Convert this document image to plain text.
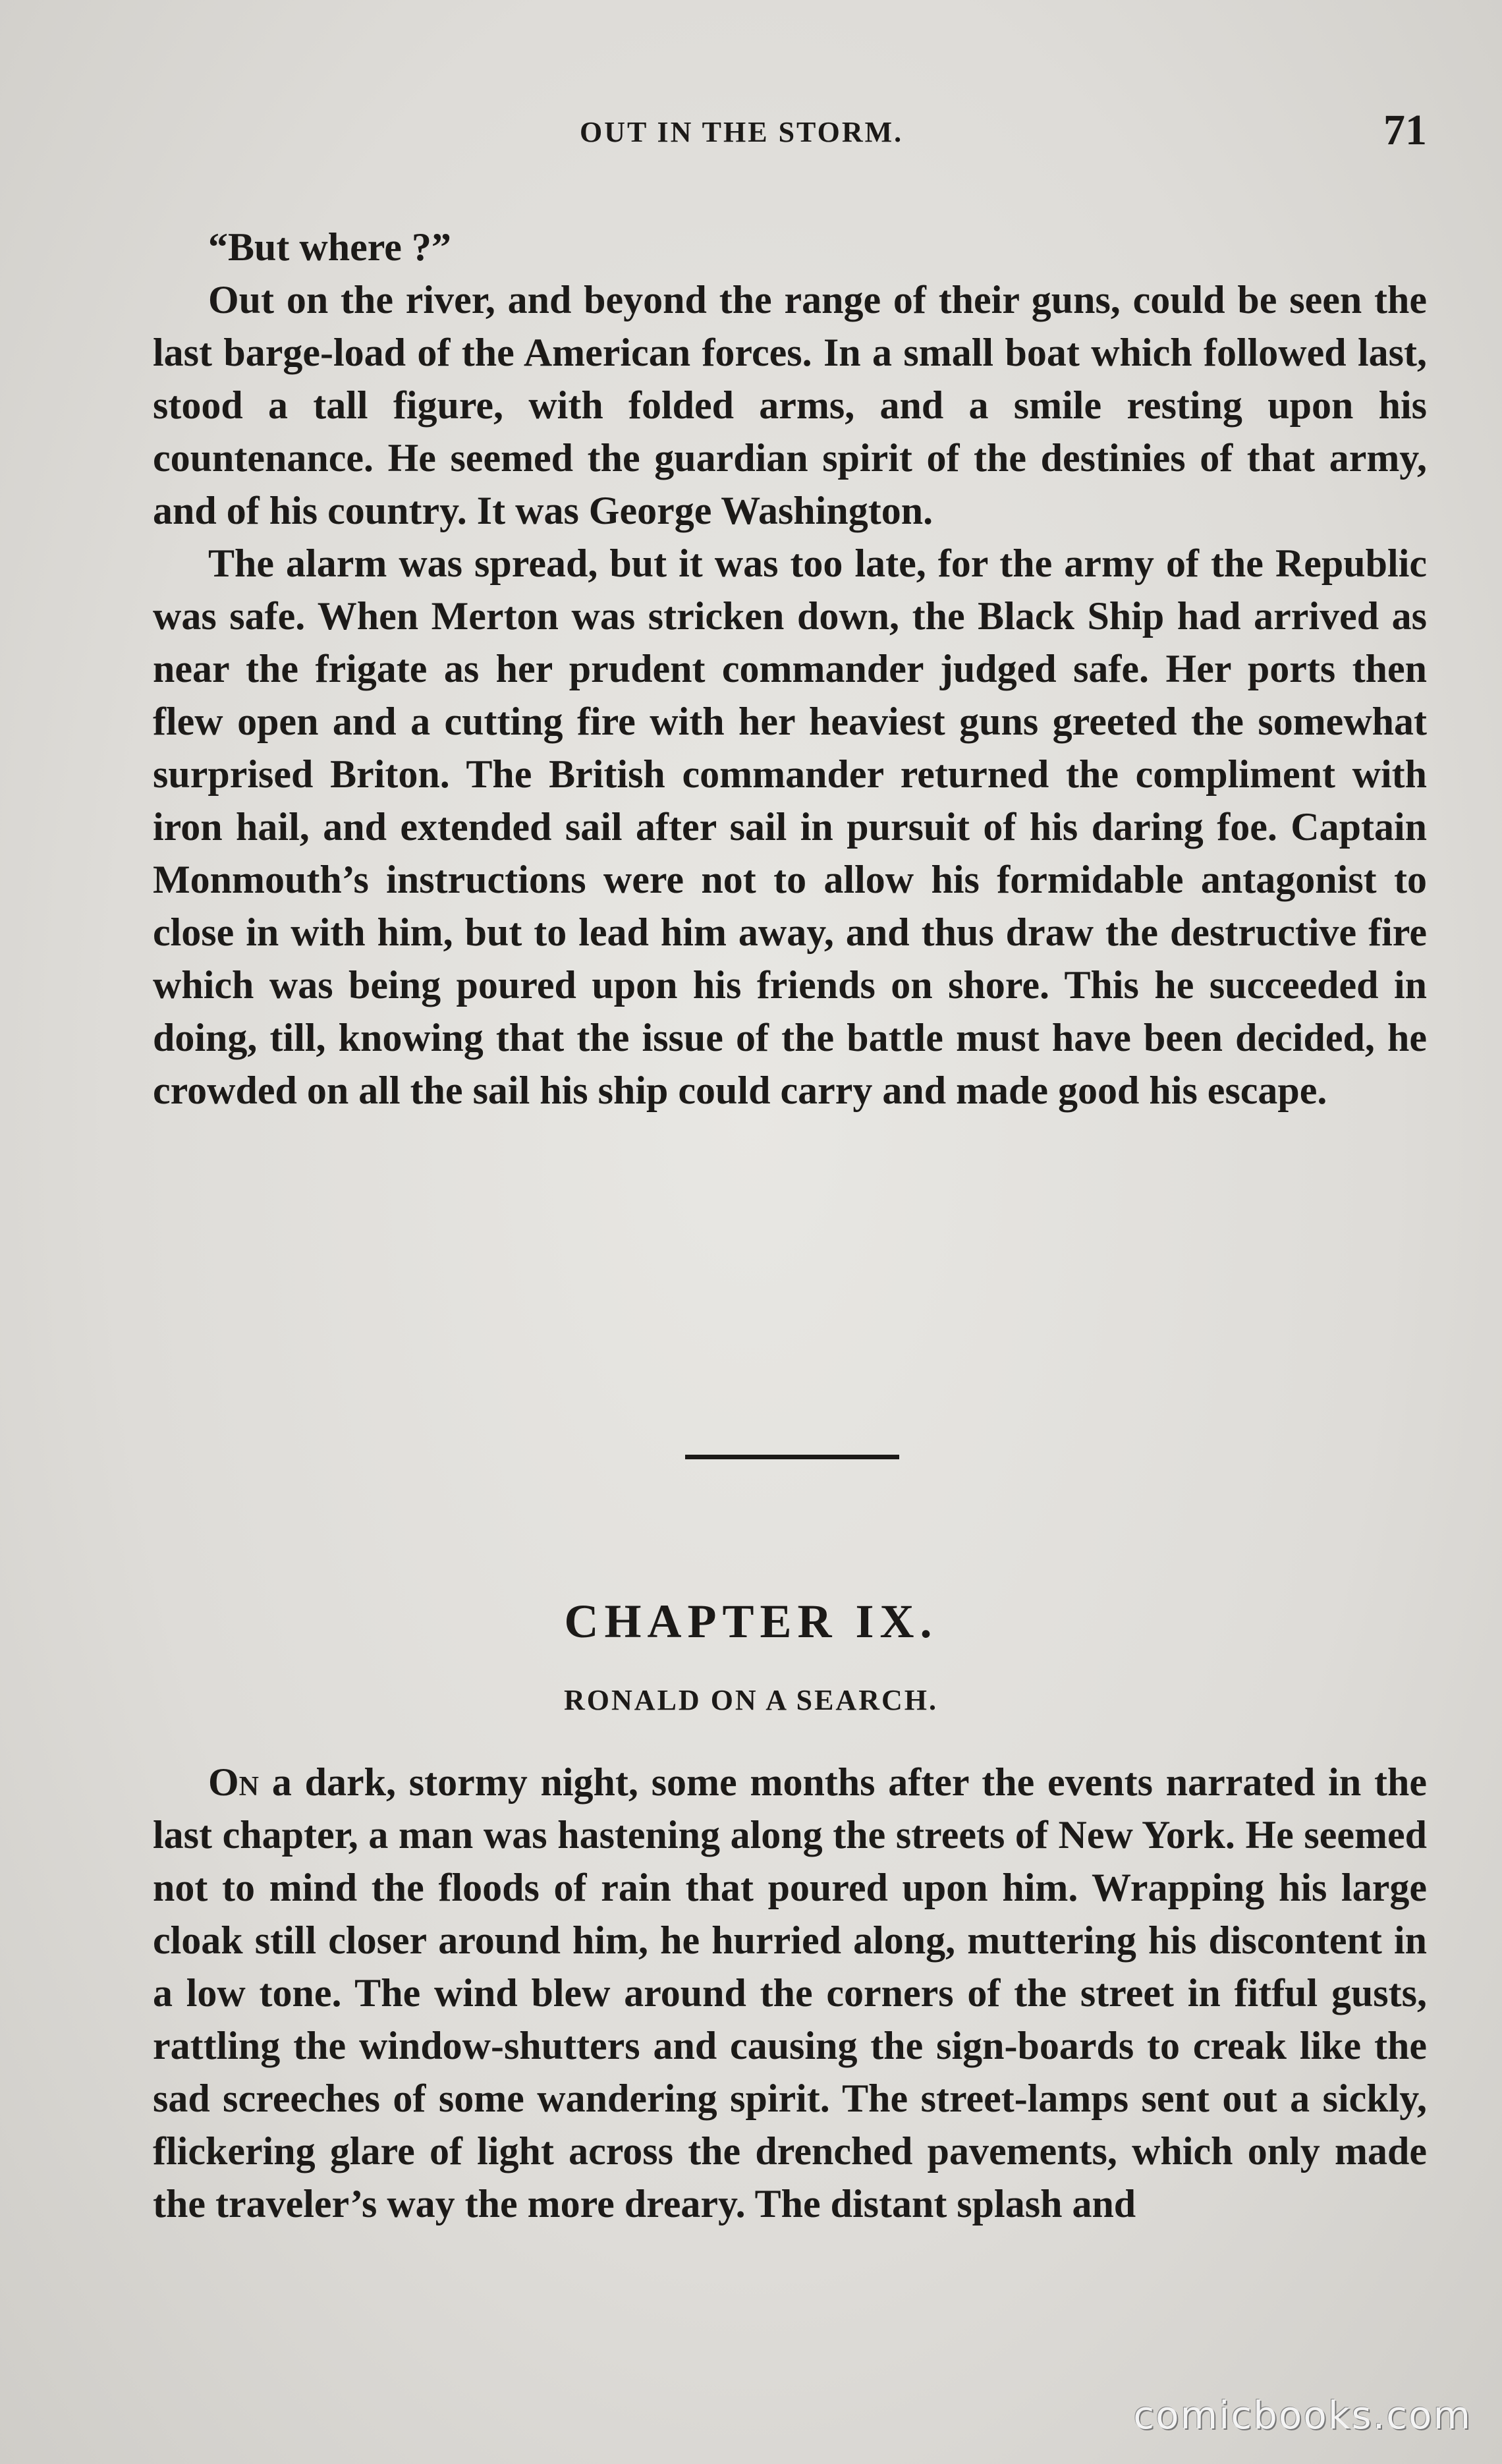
OUT IN THE STORM.	71

“But where ?”

Out on the river, and beyond the range of their guns, could be seen the last barge-load of the American forces. In a small boat which followed last, stood a tall figure, with folded arms, and a smile resting upon his countenance. He seemed the guardian spirit of the destinies of that army, and of his country. It was George Washington.

The alarm was spread, but it was too late, for the army of the Republic was safe. When Merton was stricken down, the Black Ship had arrived as near the frigate as her prudent commander judged safe. Her ports then flew open and a cutting fire with her heaviest guns greeted the somewhat surprised Briton. The British commander returned the compliment with iron hail, and extended sail after sail in pursuit of his daring foe. Captain Monmouth’s instructions were not to allow his formidable antagonist to close in with him, but to lead him away, and thus draw the destructive fire which was being poured upon his friends on shore. This he succeeded in doing, till, knowing that the issue of the battle must have been decided, he crowded on all the sail his ship could carry and made good his escape.

CHAPTER IX.
RONALD ON A SEARCH.

On a dark, stormy night, some months after the events narrated in the last chapter, a man was hastening along the streets of New York. He seemed not to mind the floods of rain that poured upon him. Wrapping his large cloak still closer around him, he hurried along, muttering his discontent in a low tone. The wind blew around the corners of the street in fitful gusts, rattling the window-shutters and causing the sign-boards to creak like the sad screeches of some wandering spirit. The street-lamps sent out a sickly, flickering glare of light across the drenched pavements, which only made the traveler’s way the more dreary. The distant splash and

comicbooks.com
